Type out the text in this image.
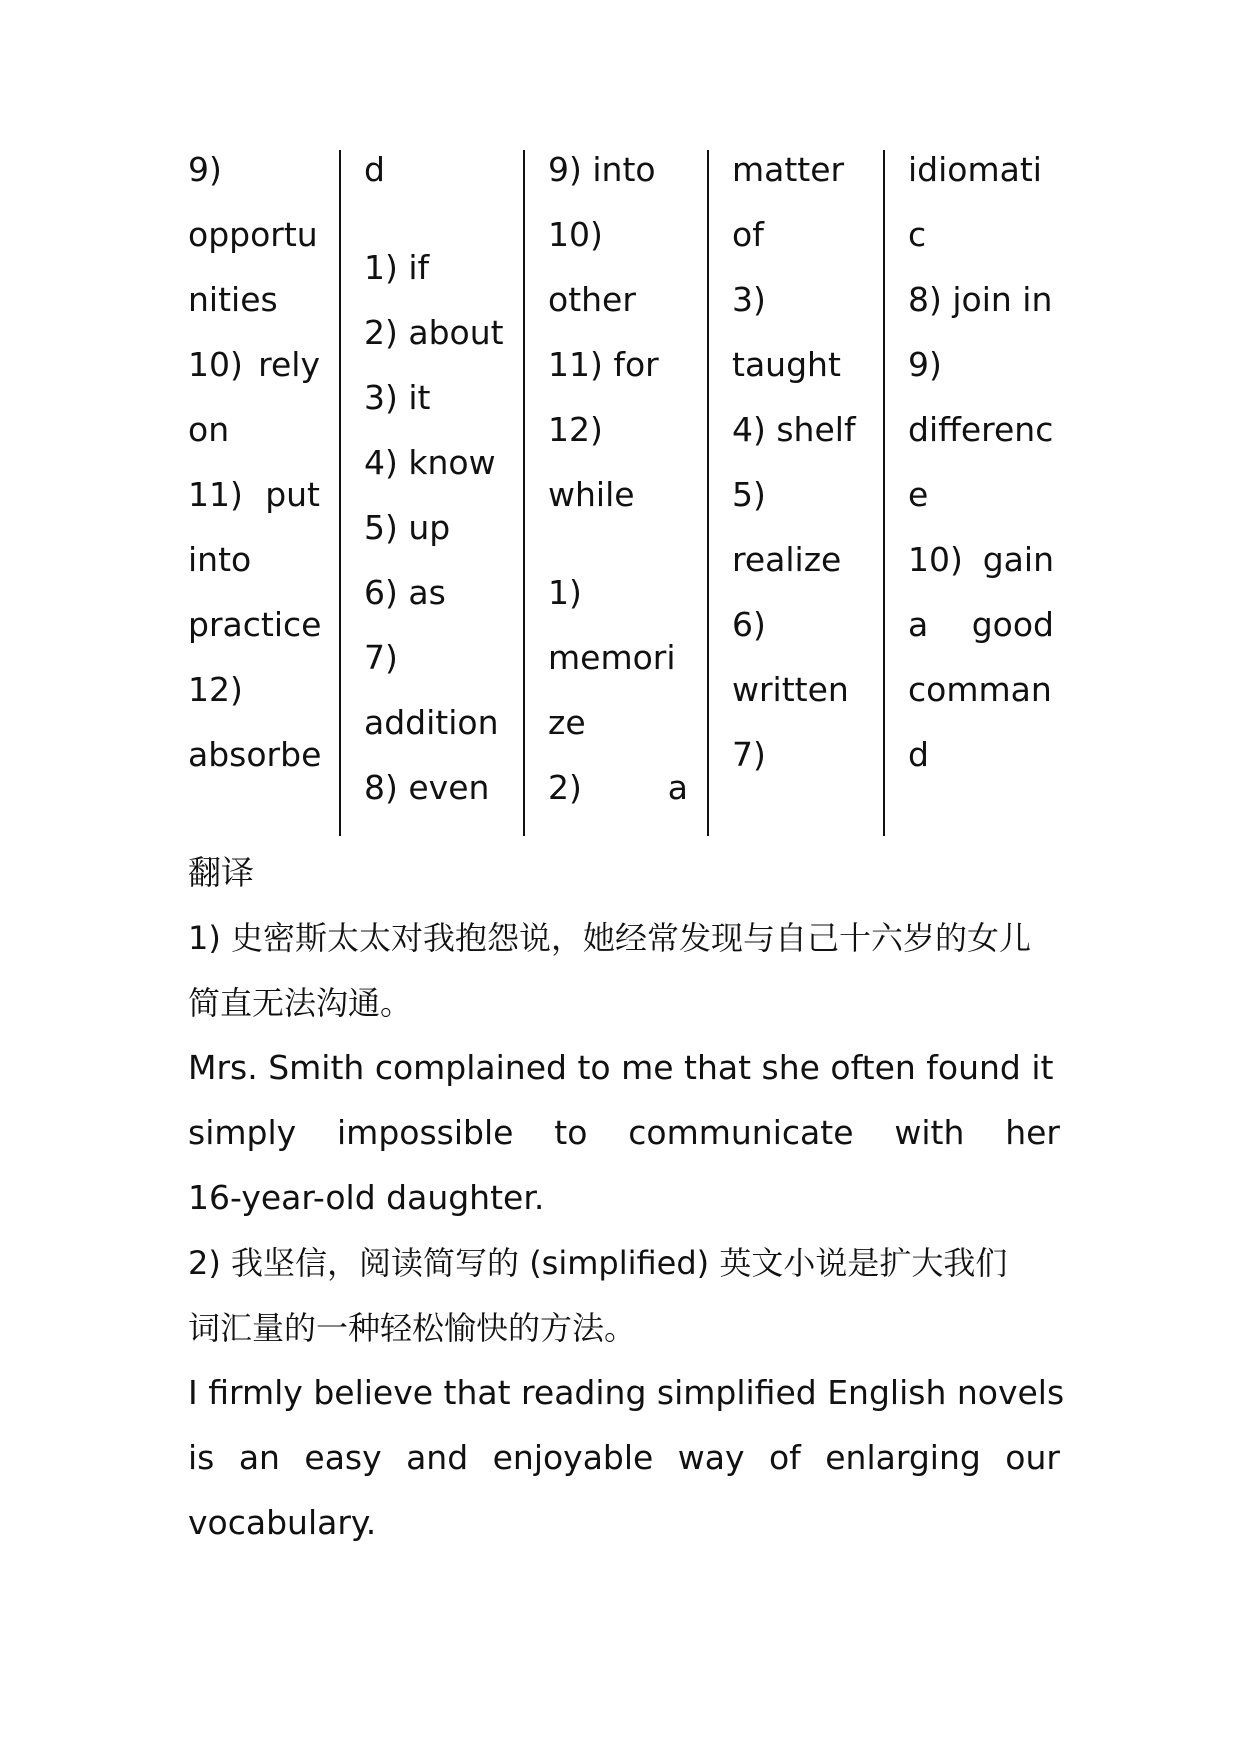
9)
opportu
nities
10) rely
on
11) put
into
practice
12)
absorbe
d
1) if
2) about
3) it
4) know
5) up
6) as
7)
addition
8) even
9) into
10)
other
11) for
12)
while
1)
memori
ze
2)	a
matter
of
3)
taught
4) shelf
5)
realize
6)
written
7)
idiomati
c
8) join in
9)
differenc
e
10) gain
a good
comman
d
翻译
1) 史密斯太太对我抱怨说，她经常发现与自己十六岁的女儿
简直无法沟通。
Mrs. Smith complained to me that she often found it
simply impossible to communicate with her
16-year-old daughter.
2) 我坚信，阅读简写的 (simplified) 英文小说是扩大我们
词汇量的一种轻松愉快的方法。
I firmly believe that reading simplified English novels
is an easy and enjoyable way of enlarging our
vocabulary.
